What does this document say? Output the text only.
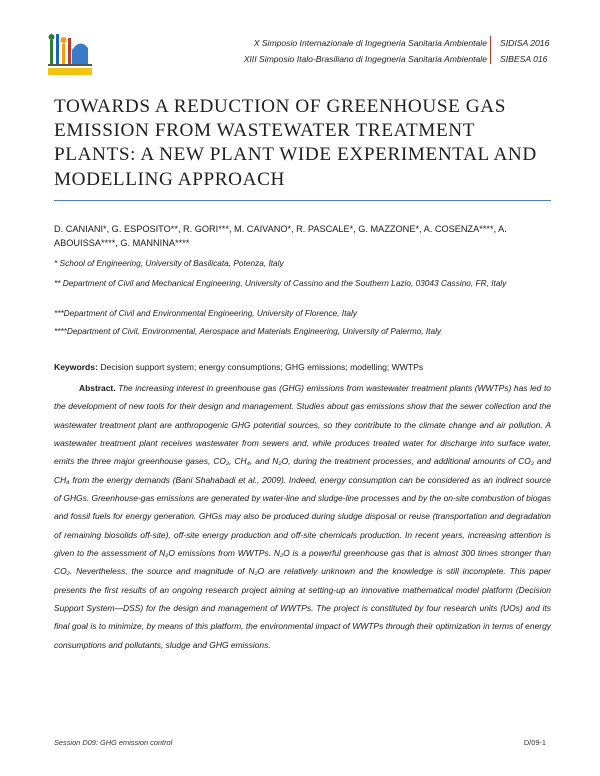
X Simposio Internazionale di Ingegneria Sanitaria Ambientale
XIII Simposio Italo-Brasiliano di Ingegneria Sanitaria Ambientale
SIDISA 2016
SIBESA 016
TOWARDS A REDUCTION OF GREENHOUSE GAS EMISSION FROM WASTEWATER TREATMENT PLANTS: A NEW PLANT WIDE EXPERIMENTAL AND MODELLING APPROACH
D. CANIANI*, G. ESPOSITO**, R. GORI***, M. CAIVANO*, R. PASCALE*, G. MAZZONE*, A. COSENZA****, A. ABOUISSA****, G. MANNINA****
* School of Engineering, University of Basilicata, Potenza, Italy
** Department of Civil and Mechanical Engineering, University of Cassino and the Southern Lazio, 03043 Cassino, FR, Italy
***Department of Civil and Environmental Engineering, University of Florence, Italy
****Department of Civil, Environmental, Aerospace and Materials Engineering, University of Palermo, Italy
Keywords: Decision support system; energy consumptions; GHG emissions; modelling; WWTPs

Abstract. The increasing interest in greenhouse gas (GHG) emissions from wastewater treatment plants (WWTPs) has led to the development of new tools for their design and management. Studies about gas emissions show that the sewer collection and the wastewater treatment plant are anthropogenic GHG potential sources, so they contribute to the climate change and air pollution. A wastewater treatment plant receives wastewater from sewers and, while produces treated water for discharge into surface water, emits the three major greenhouse gases, CO₂, CH₄, and N₂O, during the treatment processes, and additional amounts of CO₂ and CH₄ from the energy demands (Bani Shahabadi et al., 2009). Indeed, energy consumption can be considered as an indirect source of GHGs. Greenhouse-gas emissions are generated by water-line and sludge-line processes and by the on-site combustion of biogas and fossil fuels for energy generation. GHGs may also be produced during sludge disposal or reuse (transportation and degradation of remaining biosolids off-site), off-site energy production and off-site chemicals production. In recent years, increasing attention is given to the assessment of N₂O emissions from WWTPs. N₂O is a powerful greenhouse gas that is almost 300 times stronger than CO₂. Nevertheless, the source and magnitude of N₂O are relatively unknown and the knowledge is still incomplete. This paper presents the first results of an ongoing research project aiming at setting-up an innovative mathematical model platform (Decision Support System—DSS) for the design and management of WWTPs. The project is constituted by four research units (UOs) and its final goal is to minimize, by means of this platform, the environmental impact of WWTPs through their optimization in terms of energy consumptions and pollutants, sludge and GHG emissions.

Session D09: GHG emission control	D/09-1
